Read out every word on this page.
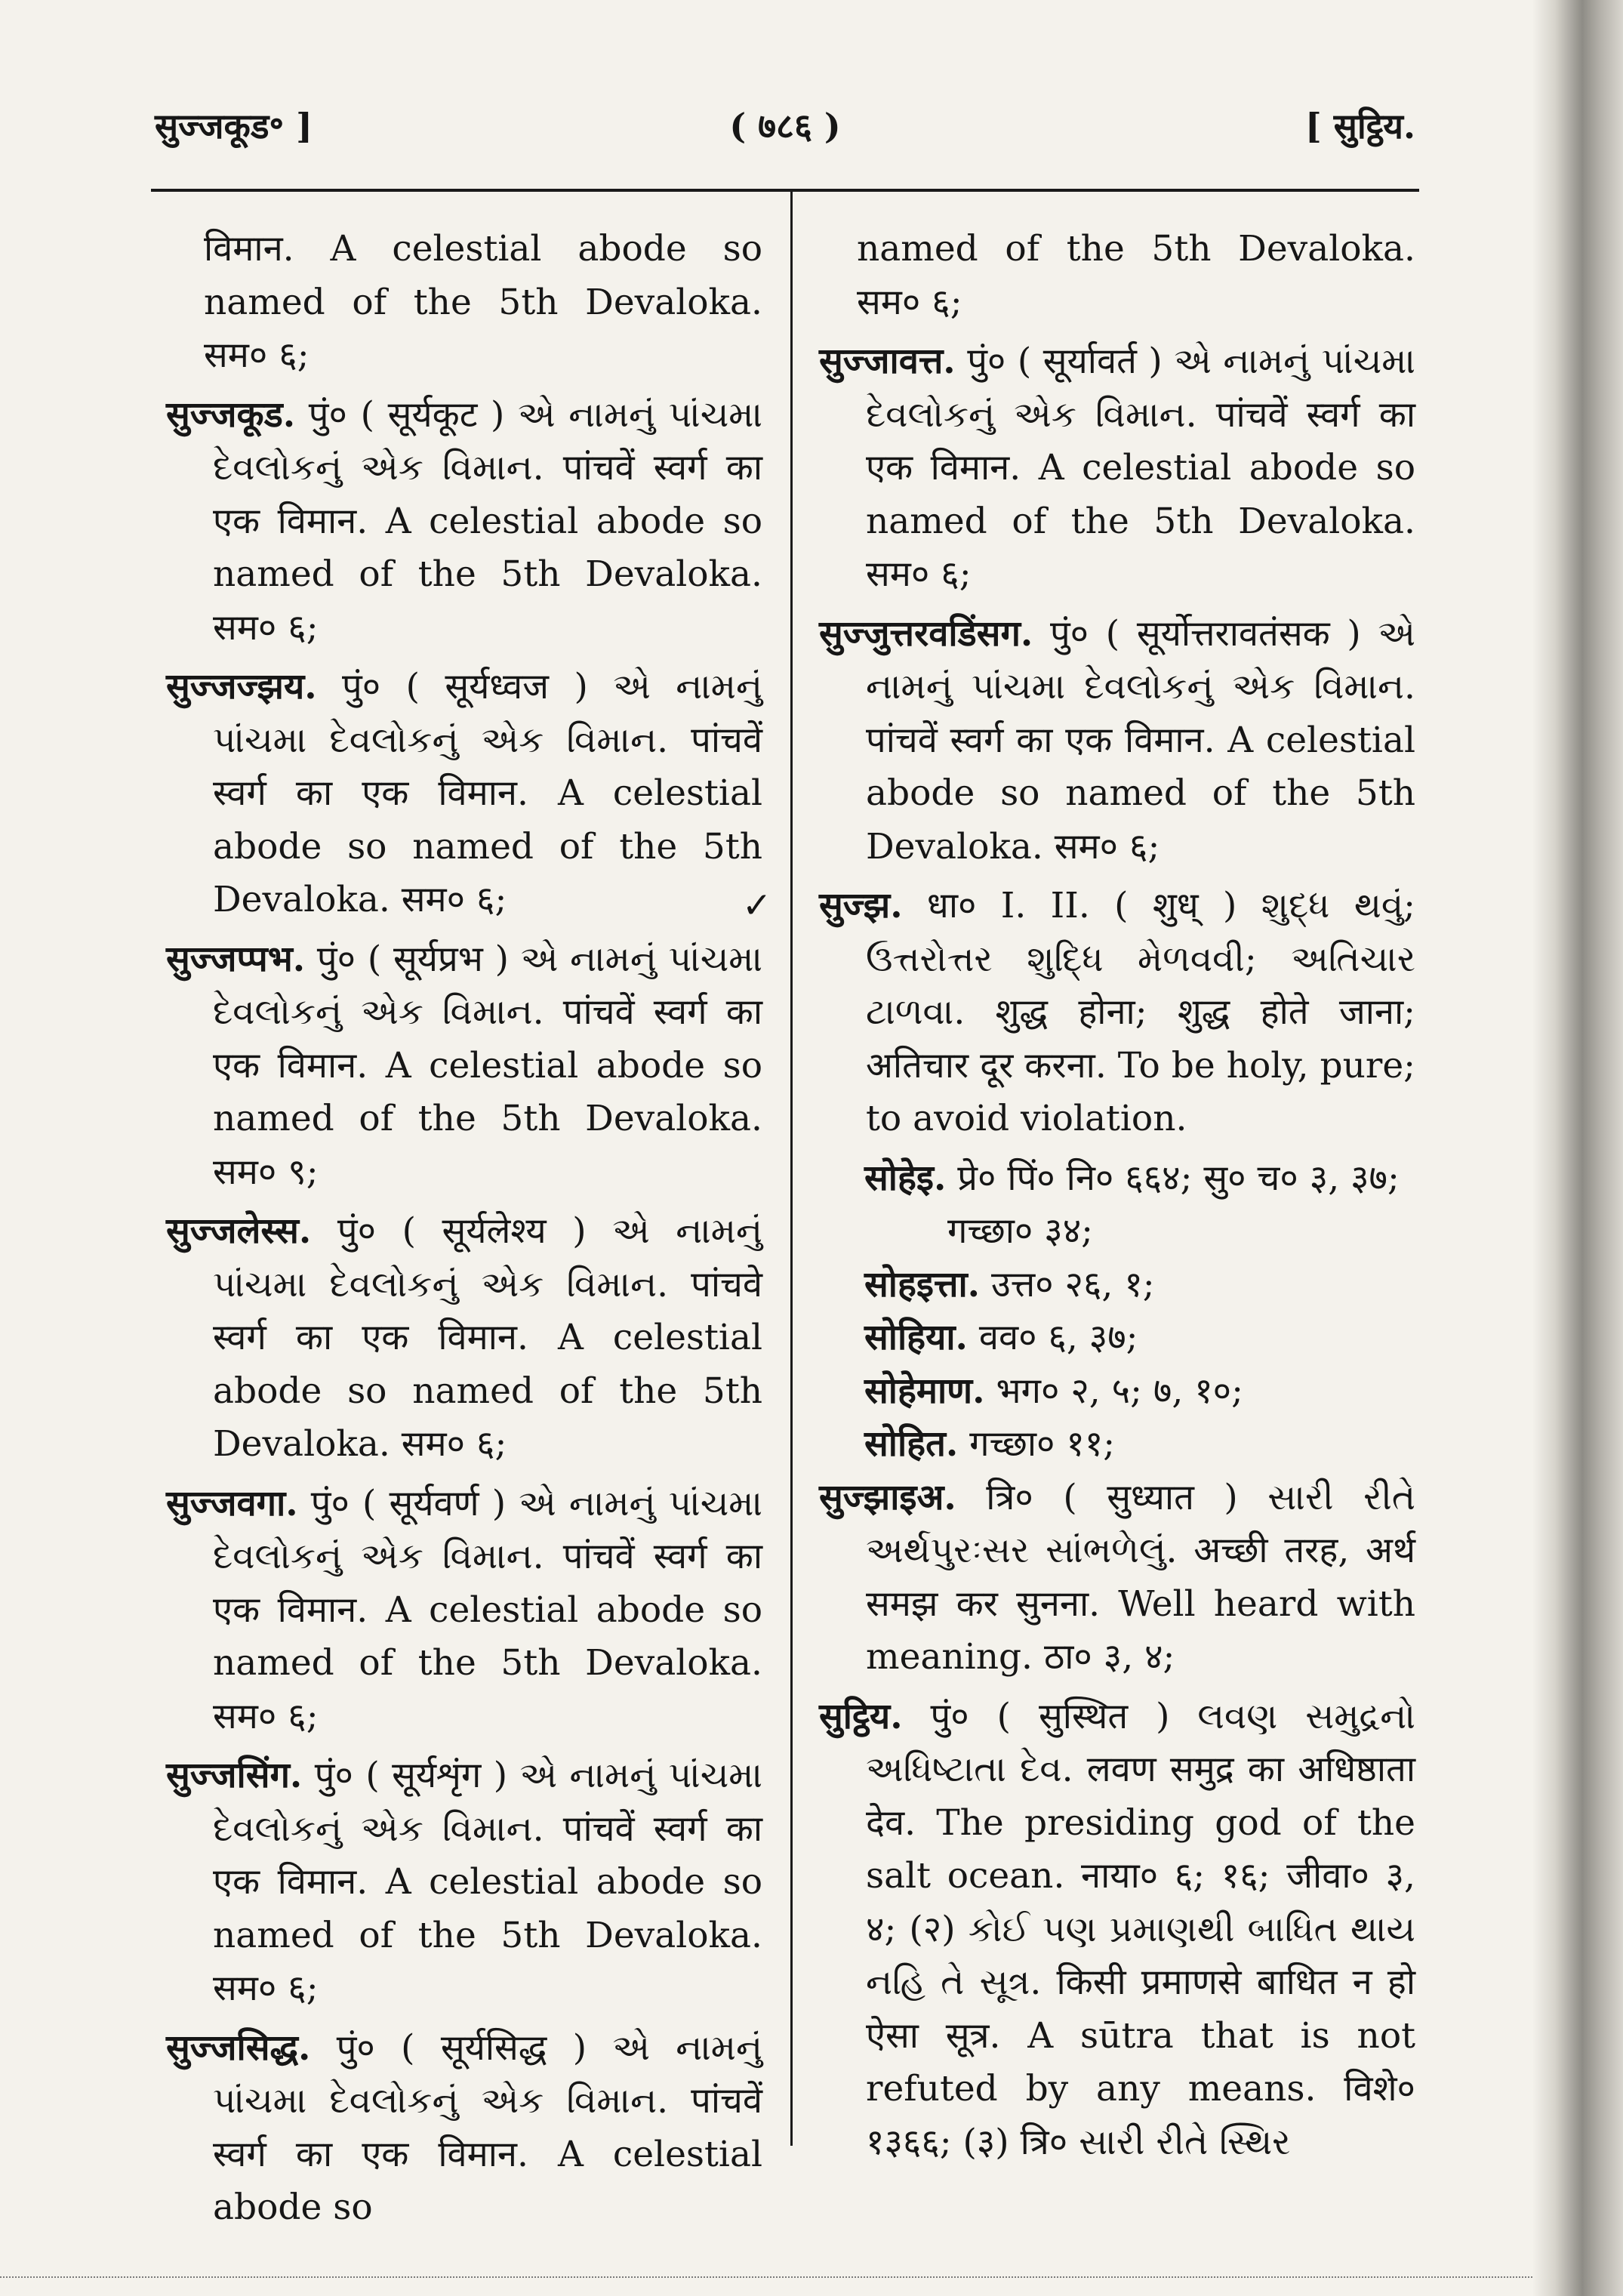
सुज्जकूड॰ ]	( ७८६ )	[ सुट्ठिय.
विमान. A celestial abode so named of the 5th Devaloka. सम० ६;
सुज्जकूड. पुं० ( सूर्यकूट ) એ નામનું પાંચમા દેવલોકનું એક વિમાન. पांचवें स्वर्ग का एक विमान. A celestial abode so named of the 5th Devaloka. सम० ६;
सुज्जज्झय. पुं० ( सूर्यध्वज ) એ નામનું પાંચમા દેવલોકનું એક વિમાન. पांचवें स्वर्ग का एक विमान. A celestial abode so named of the 5th Devaloka. सम० ६;
सुज्जप्पभ. पुं० ( सूर्यप्रभ ) એ નામનું પાંચમા દેવલોકનું એક વિમાન. पांचवें स्वर्ग का एक विमान. A celestial abode so named of the 5th Devaloka. सम० ९;
सुज्जलेस्स. पुं० ( सूर्यलेश्य ) એ નામનું પાંચમા દેવલોકનું એક વિમાન. पांचवे स्वर्ग का एक विमान. A celestial abode so named of the 5th Devaloka. सम० ६;
सुज्जवगा. पुं० ( सूर्यवर्ण ) એ નામનું પાંચમા દેવલોકનું એક વિમાન. पांचवें स्वर्ग का एक विमान. A celestial abode so named of the 5th Devaloka. सम० ६;
सुज्जसिंग. पुं० ( सूर्यशृंग ) એ નામનું પાંચમા દેવલોકનું એક વિમાન. पांचवें स्वर्ग का एक विमान. A celestial abode so named of the 5th Devaloka. सम० ६;
सुज्जसिद्ध. पुं० ( सूर्यसिद्ध ) એ નામનું પાંચમા દેવલોકનું એક વિમાન. पांचवें स्वर्ग का एक विमान. A celestial abode so
named of the 5th Devaloka. सम० ६;
सुज्जावत्त. पुं० ( सूर्यावर्त ) એ નામનું પાંચમા દેવલોકનું એક વિમાન. पांचवें स्वर्ग का एक विमान. A celestial abode so named of the 5th Devaloka. सम० ६;
सुज्जुत्तरवडिंसग. पुं० ( सूर्योत्तरावतंसक ) એ નામનું પાંચમા દેવલોકનું એક વિમાન. पांचवें स्वर्ग का एक विमान. A celestial abode so named of the 5th Devaloka. सम० ६;
✓	सुज्झ. धा० I. II. ( शुध् ) શુદ્ધ થવું; ઉત્તરોત્તર શુદ્ધિ મેળવવી; અતિચાર ટાળવા. शुद्ध होना; शुद्ध होते जाना; अतिचार दूर करना. To be holy, pure; to avoid violation.
सोहेइ. प्रे० पिं० नि० ६६४; सु० च० ३, ३७; गच्छा० ३४;
सोहइत्ता. उत्त० २६, १;
सोहिया. वव० ६, ३७;
सोहेमाण. भग० २, ५; ७, १०;
सोहित. गच्छा० ११;
सुज्झाइअ. त्रि० ( सुध्यात ) સારી રીતે અર્થપુરઃસર સાંભળેલું. अच्छी तरह, अर्थ समझ कर सुनना. Well heard with meaning. ठा० ३, ४;
सुट्ठिय. पुं० ( सुस्थित ) લવણ સમુદ્રનો અધિષ્ટાતા દેવ. लवण समुद्र का अधिष्ठाता देव. The presiding god of the salt ocean. नाया० ६; १६; जीवा० ३, ४; (२) કોઈ પણ પ્રમાણથી બાધિત થાય નહિ તે સૂત્ર. किसी प्रमाणसे बाधित न हो ऐसा सूत्र. A sūtra that is not refuted by any means. विशे० १३६६; (३) त्रि० સારી રીતે સ્થિર
